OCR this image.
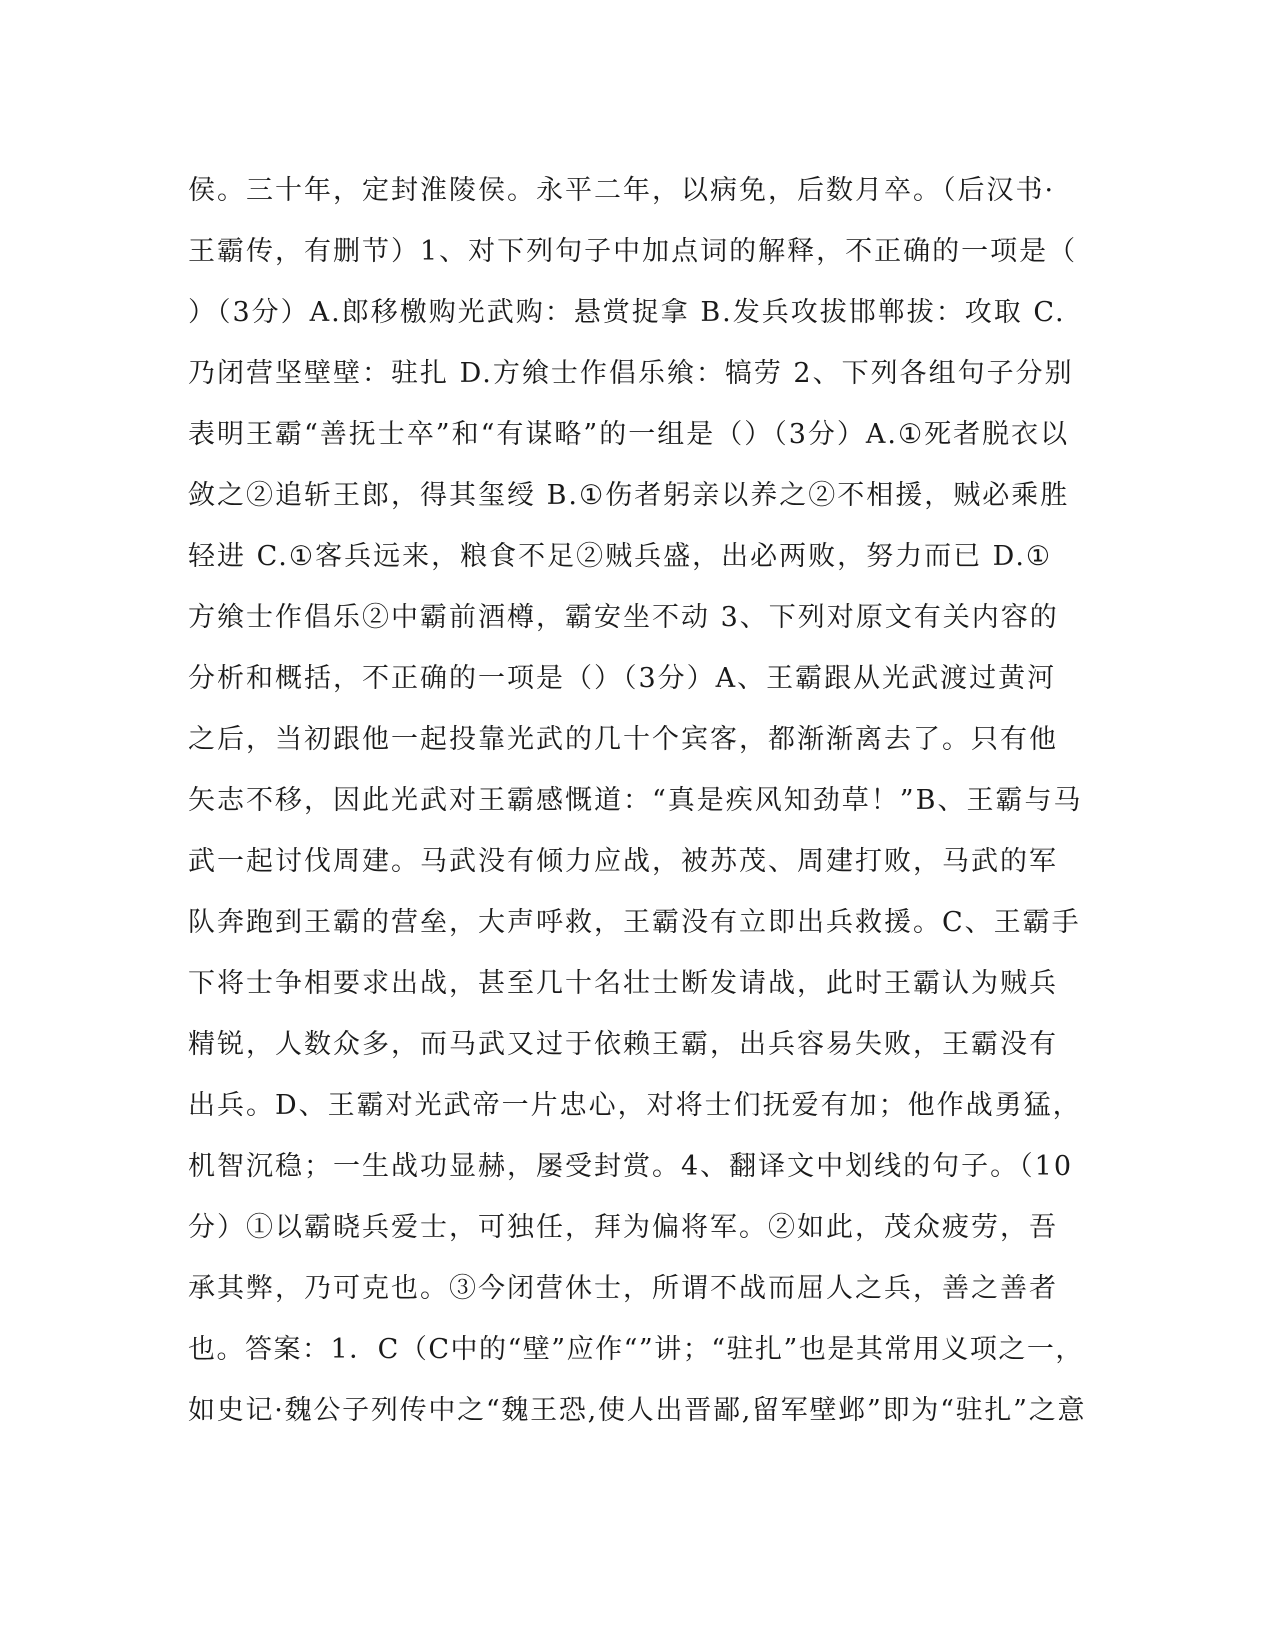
侯。三十年，定封淮陵侯。永平二年，以病免，后数月卒。（后汉书·
王霸传，有删节）1、对下列句子中加点词的解释，不正确的一项是（
）（3分）A.郎移檄购光武购：悬赏捉拿 B.发兵攻拔邯郸拔：攻取 C.
乃闭营坚壁壁：驻扎 D.方飨士作倡乐飨：犒劳 2、下列各组句子分别
表明王霸“善抚士卒”和“有谋略”的一组是（）（3分）A.①死者脱衣以
敛之②追斩王郎，得其玺绶 B.①伤者躬亲以养之②不相援，贼必乘胜
轻进 C.①客兵远来，粮食不足②贼兵盛，出必两败，努力而已 D.①
方飨士作倡乐②中霸前酒樽，霸安坐不动 3、下列对原文有关内容的
分析和概括，不正确的一项是（）（3分）A、王霸跟从光武渡过黄河
之后，当初跟他一起投靠光武的几十个宾客，都渐渐离去了。只有他
矢志不移，因此光武对王霸感慨道：“真是疾风知劲草！”B、王霸与马
武一起讨伐周建。马武没有倾力应战，被苏茂、周建打败，马武的军
队奔跑到王霸的营垒，大声呼救，王霸没有立即出兵救援。C、王霸手
下将士争相要求出战，甚至几十名壮士断发请战，此时王霸认为贼兵
精锐，人数众多，而马武又过于依赖王霸，出兵容易失败，王霸没有
出兵。D、王霸对光武帝一片忠心，对将士们抚爱有加；他作战勇猛，
机智沉稳；一生战功显赫，屡受封赏。4、翻译文中划线的句子。（10
分）①以霸晓兵爱士，可独任，拜为偏将军。②如此，茂众疲劳，吾
承其弊，乃可克也。③今闭营休士，所谓不战而屈人之兵，善之善者
也。答案：1．C（C中的“壁”应作“”讲；“驻扎”也是其常用义项之一，
如史记·魏公子列传中之“魏王恐,使人出晋鄙,留军壁邺”即为“驻扎”之意
